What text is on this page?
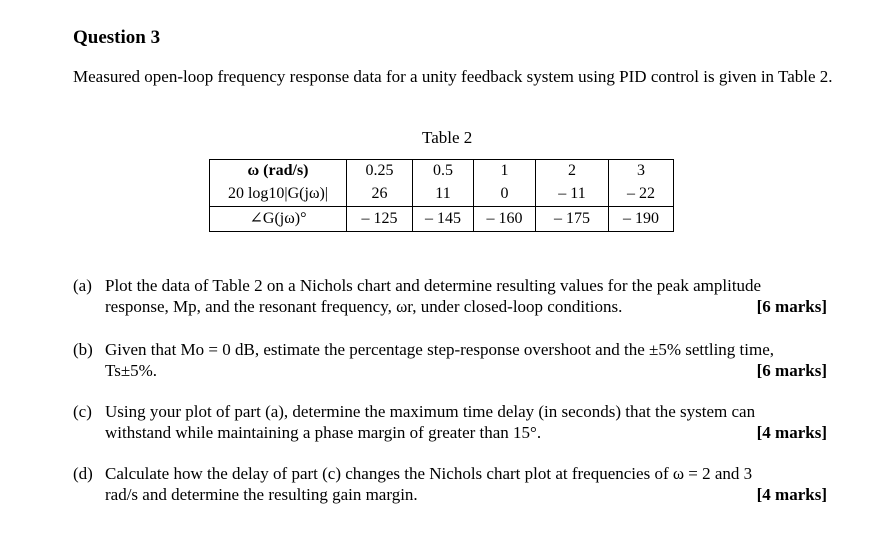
Question 3
Measured open-loop frequency response data for a unity feedback system using PID control is given in Table 2.
Table 2
ω (rad/s)	0.25	0.5	1	2	3
20 log10|G(jω)|	26	11	0	– 11	– 22
∠G(jω)°	– 125	– 145	– 160	– 175	– 190
(a) Plot the data of Table 2 on a Nichols chart and determine resulting values for the peak amplitude
response, Mp, and the resonant frequency, ωr, under closed-loop conditions.	[6 marks]
(b) Given that Mo = 0 dB, estimate the percentage step-response overshoot and the ±5% settling time,
Ts±5%.	[6 marks]
(c) Using your plot of part (a), determine the maximum time delay (in seconds) that the system can
withstand while maintaining a phase margin of greater than 15°.	[4 marks]
(d) Calculate how the delay of part (c) changes the Nichols chart plot at frequencies of ω = 2 and 3
rad/s and determine the resulting gain margin.	[4 marks]
